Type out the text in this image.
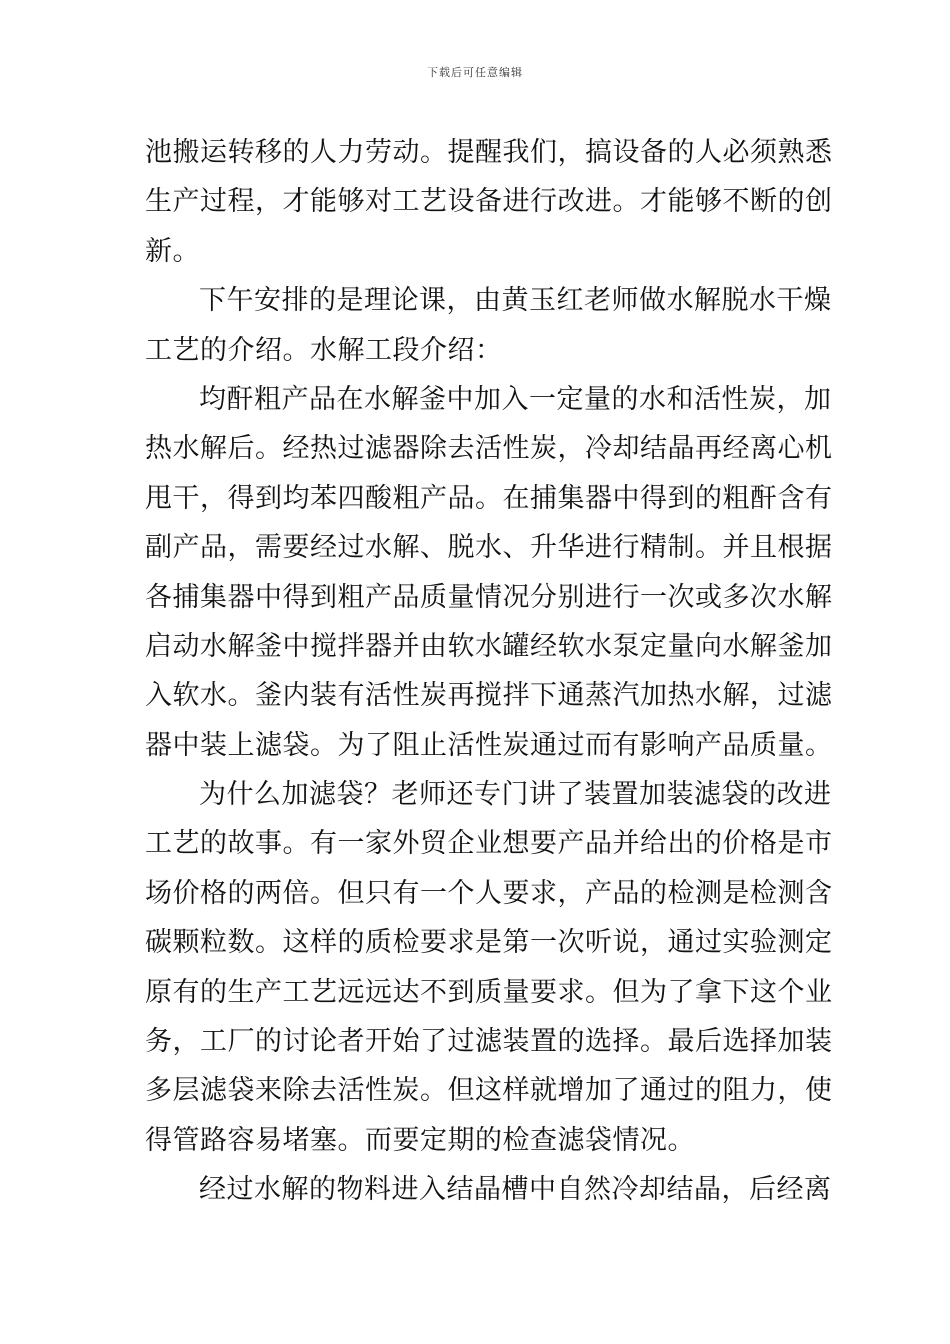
下载后可任意编辑
池搬运转移的人力劳动。提醒我们，搞设备的人必须熟悉
生产过程，才能够对工艺设备进行改进。才能够不断的创
新。
下午安排的是理论课，由黄玉红老师做水解脱水干燥
工艺的介绍。水解工段介绍：
均酐粗产品在水解釜中加入一定量的水和活性炭，加
热水解后。经热过滤器除去活性炭，冷却结晶再经离心机
甩干，得到均苯四酸粗产品。在捕集器中得到的粗酐含有
副产品，需要经过水解、脱水、升华进行精制。并且根据
各捕集器中得到粗产品质量情况分别进行一次或多次水解
启动水解釜中搅拌器并由软水罐经软水泵定量向水解釜加
入软水。釜内装有活性炭再搅拌下通蒸汽加热水解，过滤
器中装上滤袋。为了阻止活性炭通过而有影响产品质量。
为什么加滤袋？老师还专门讲了装置加装滤袋的改进
工艺的故事。有一家外贸企业想要产品并给出的价格是市
场价格的两倍。但只有一个人要求，产品的检测是检测含
碳颗粒数。这样的质检要求是第一次听说，通过实验测定
原有的生产工艺远远达不到质量要求。但为了拿下这个业
务，工厂的讨论者开始了过滤装置的选择。最后选择加装
多层滤袋来除去活性炭。但这样就增加了通过的阻力，使
得管路容易堵塞。而要定期的检查滤袋情况。
经过水解的物料进入结晶槽中自然冷却结晶，后经离
